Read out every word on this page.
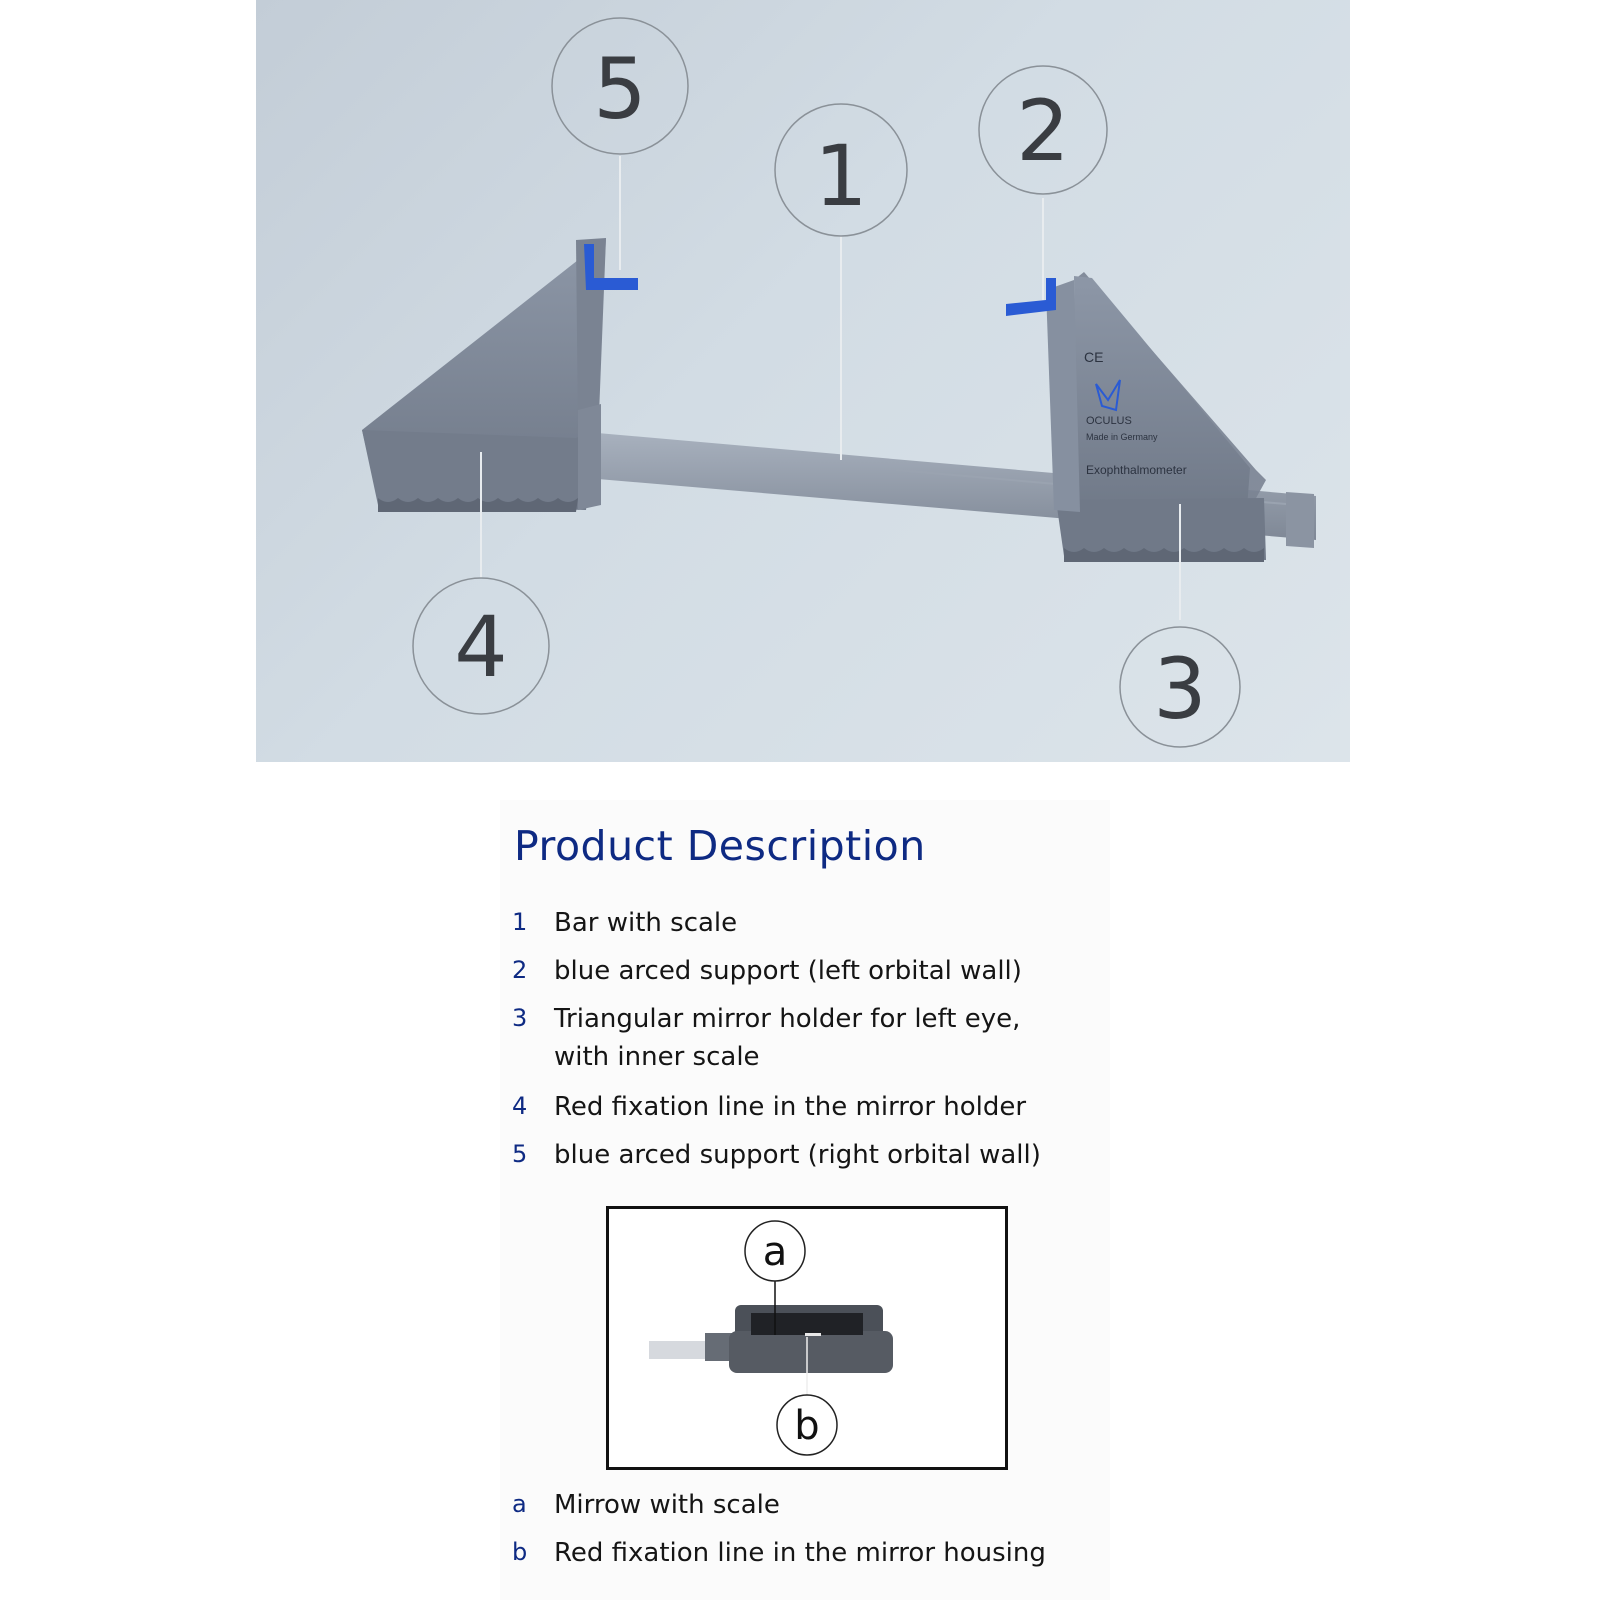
CE
OCULUS
Made in Germany
Exophthalmometer
1 2
3
4
5
Product Description
1	Bar with scale
2	blue arced support (left orbital wall)
3	Triangular mirror holder for left eye, with inner scale
4	Red fixation line in the mirror holder
5	blue arced support (right orbital wall)
a
b
a	Mirrow with scale
b	Red fixation line in the mirror housing
